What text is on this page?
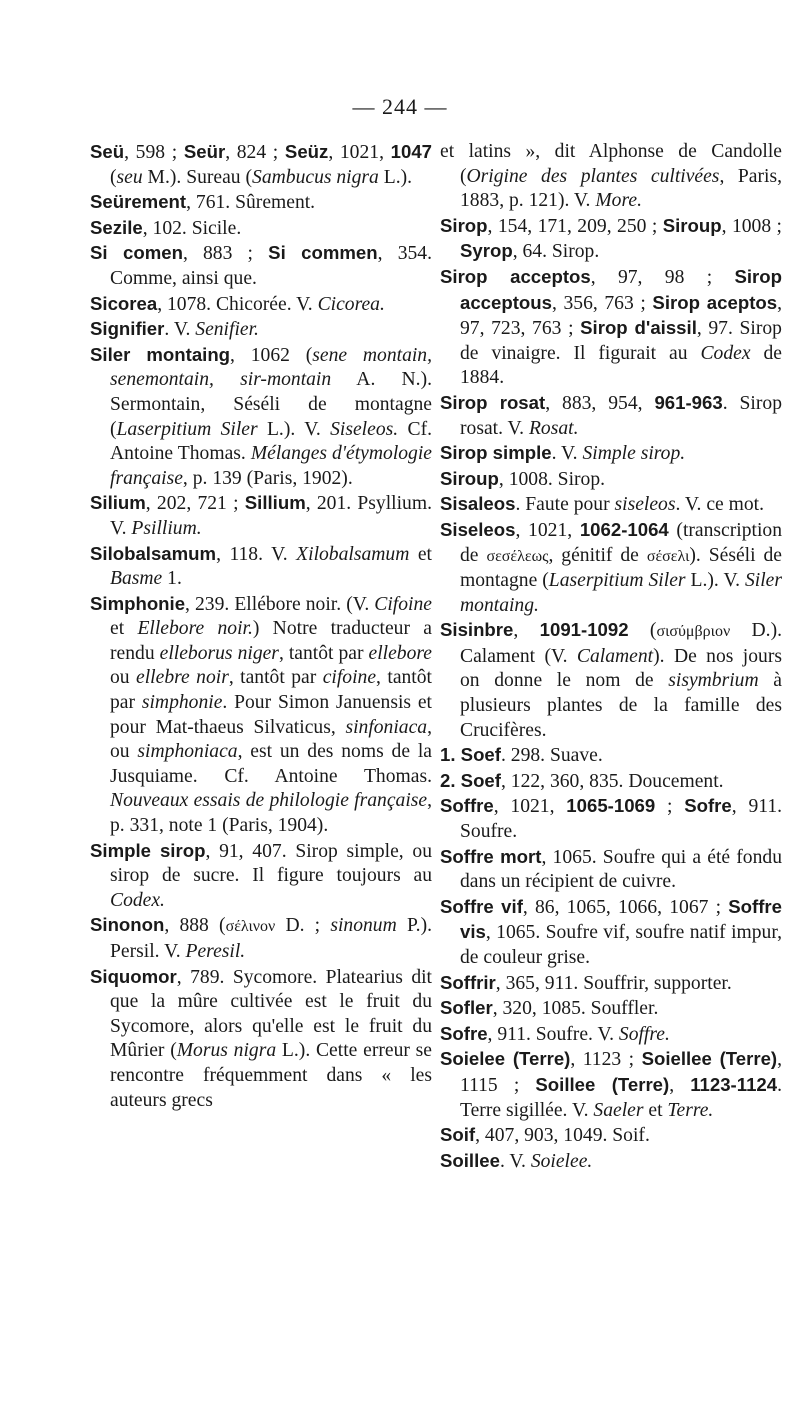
— 244 —

Seü, 598 ; Seür, 824 ; Seüz, 1021, 1047 (seu M.). Sureau (Sambucus nigra L.).

Seürement, 761. Sûrement.

Sezile, 102. Sicile.

Si comen, 883 ; Si commen, 354. Comme, ainsi que.

Sicorea, 1078. Chicorée. V. Cicorea.

Signifier. V. Senifier.

Siler montaing, 1062 (sene montain, senemontain, sir-montain A. N.). Sermontain, Séséli de montagne (Laserpitium Siler L.). V. Siseleos. Cf. Antoine Thomas. Mélanges d'étymologie française, p. 139 (Paris, 1902).

Silium, 202, 721 ; Sillium, 201. Psyllium. V. Psillium.

Silobalsamum, 118. V. Xilobalsamum et Basme 1.

Simphonie, 239. Ellébore noir. (V. Cifoine et Ellebore noir.) Notre traducteur a rendu elleborus niger, tantôt par ellebore ou ellebre noir, tantôt par cifoine, tantôt par simphonie. Pour Simon Januensis et pour Mat-thaeus Silvaticus, sinfoniaca, ou simphoniaca, est un des noms de la Jusquiame. Cf. Antoine Thomas. Nouveaux essais de philologie française, p. 331, note 1 (Paris, 1904).

Simple sirop, 91, 407. Sirop simple, ou sirop de sucre. Il figure toujours au Codex.

Sinonon, 888 (σέλινον D. ; sinonum P.). Persil. V. Peresil.

Siquomor, 789. Sycomore. Platearius dit que la mûre cultivée est le fruit du Sycomore, alors qu'elle est le fruit du Mûrier (Morus nigra L.). Cette erreur se rencontre fréquemment dans « les auteurs grecs

et latins », dit Alphonse de Candolle (Origine des plantes cultivées, Paris, 1883, p. 121). V. More.

Sirop, 154, 171, 209, 250 ; Siroup, 1008 ; Syrop, 64. Sirop.

Sirop acceptos, 97, 98 ; Sirop acceptous, 356, 763 ; Sirop aceptos, 97, 723, 763 ; Sirop d'aissil, 97. Sirop de vinaigre. Il figurait au Codex de 1884.

Sirop rosat, 883, 954, 961-963. Sirop rosat. V. Rosat.

Sirop simple. V. Simple sirop.

Siroup, 1008. Sirop.

Sisaleos. Faute pour siseleos. V. ce mot.

Siseleos, 1021, 1062-1064 (transcription de σεσέλεως, génitif de σέσελι). Séséli de montagne (Laserpitium Siler L.). V. Siler montaing.

Sisinbre, 1091-1092 (σισύμβριον D.). Calament (V. Calament). De nos jours on donne le nom de sisymbrium à plusieurs plantes de la famille des Crucifères.

1. Soef. 298. Suave.

2. Soef, 122, 360, 835. Doucement.

Soffre, 1021, 1065-1069 ; Sofre, 911. Soufre.

Soffre mort, 1065. Soufre qui a été fondu dans un récipient de cuivre.

Soffre vif, 86, 1065, 1066, 1067 ; Soffre vis, 1065. Soufre vif, soufre natif impur, de couleur grise.

Soffrir, 365, 911. Souffrir, supporter.

Sofler, 320, 1085. Souffler.

Sofre, 911. Soufre. V. Soffre.

Soielee (Terre), 1123 ; Soiellee (Terre), 1115 ; Soillee (Terre), 1123-1124. Terre sigillée. V. Saeler et Terre.

Soif, 407, 903, 1049. Soif.

Soillee. V. Soielee.
